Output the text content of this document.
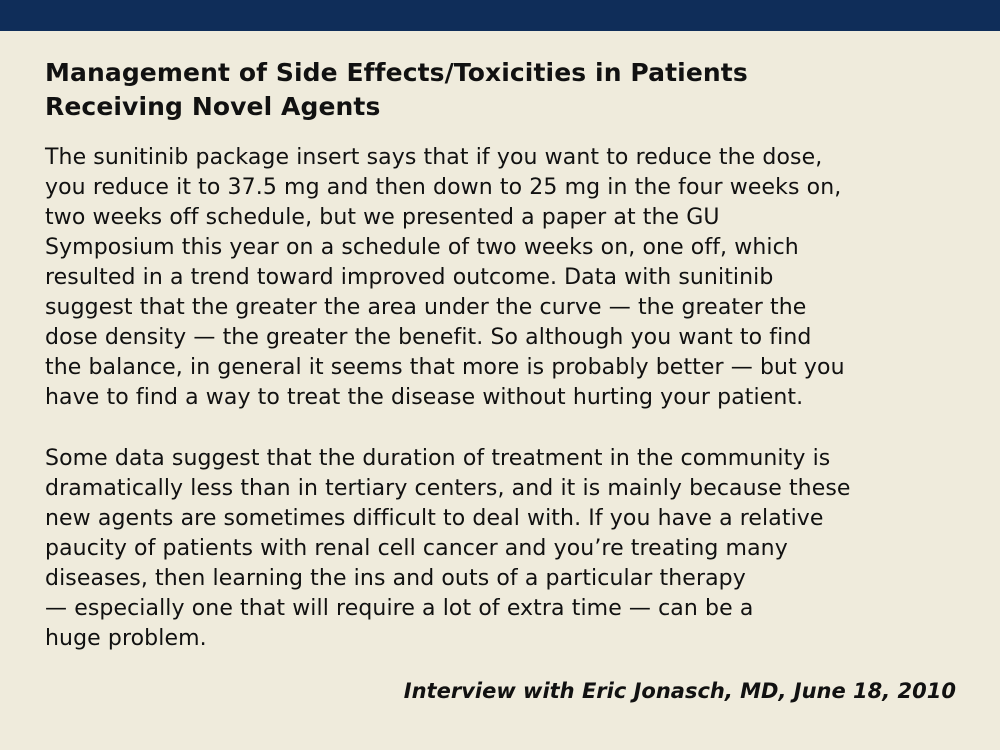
Management of Side Effects/Toxicities in Patients
Receiving Novel Agents

The sunitinib package insert says that if you want to reduce the dose,
you reduce it to 37.5 mg and then down to 25 mg in the four weeks on,
two weeks off schedule, but we presented a paper at the GU
Symposium this year on a schedule of two weeks on, one off, which
resulted in a trend toward improved outcome. Data with sunitinib
suggest that the greater the area under the curve — the greater the
dose density — the greater the benefit. So although you want to find
the balance, in general it seems that more is probably better — but you
have to find a way to treat the disease without hurting your patient.

Some data suggest that the duration of treatment in the community is
dramatically less than in tertiary centers, and it is mainly because these
new agents are sometimes difficult to deal with. If you have a relative
paucity of patients with renal cell cancer and you’re treating many
diseases, then learning the ins and outs of a particular therapy
— especially one that will require a lot of extra time — can be a
huge problem.

Interview with Eric Jonasch, MD, June 18, 2010
